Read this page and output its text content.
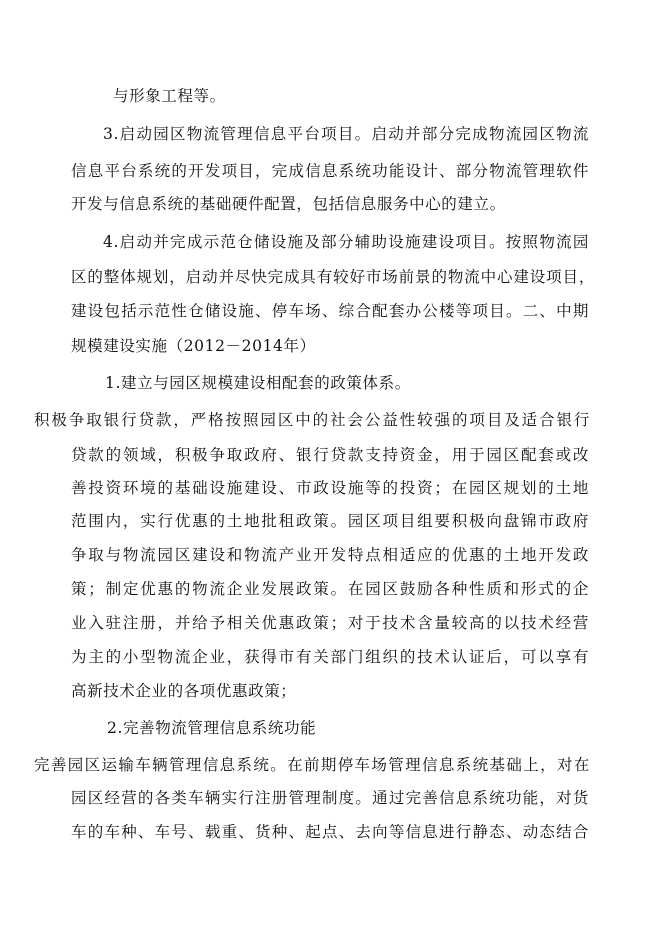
与形象工程等。
3.启动园区物流管理信息平台项目。启动并部分完成物流园区物流
信息平台系统的开发项目，完成信息系统功能设计、部分物流管理软件
开发与信息系统的基础硬件配置，包括信息服务中心的建立。
4.启动并完成示范仓储设施及部分辅助设施建设项目。按照物流园
区的整体规划，启动并尽快完成具有较好市场前景的物流中心建设项目，
建设包括示范性仓储设施、停车场、综合配套办公楼等项目。二、中期
规模建设实施（2012－2014年）
1.建立与园区规模建设相配套的政策体系。
积极争取银行贷款，严格按照园区中的社会公益性较强的项目及适合银行
贷款的领域，积极争取政府、银行贷款支持资金，用于园区配套或改
善投资环境的基础设施建设、市政设施等的投资；在园区规划的土地
范围内，实行优惠的土地批租政策。园区项目组要积极向盘锦市政府
争取与物流园区建设和物流产业开发特点相适应的优惠的土地开发政
策；制定优惠的物流企业发展政策。在园区鼓励各种性质和形式的企
业入驻注册，并给予相关优惠政策；对于技术含量较高的以技术经营
为主的小型物流企业，获得市有关部门组织的技术认证后，可以享有
高新技术企业的各项优惠政策；
2.完善物流管理信息系统功能
完善园区运输车辆管理信息系统。在前期停车场管理信息系统基础上，对在
园区经营的各类车辆实行注册管理制度。通过完善信息系统功能，对货
车的车种、车号、载重、货种、起点、去向等信息进行静态、动态结合
